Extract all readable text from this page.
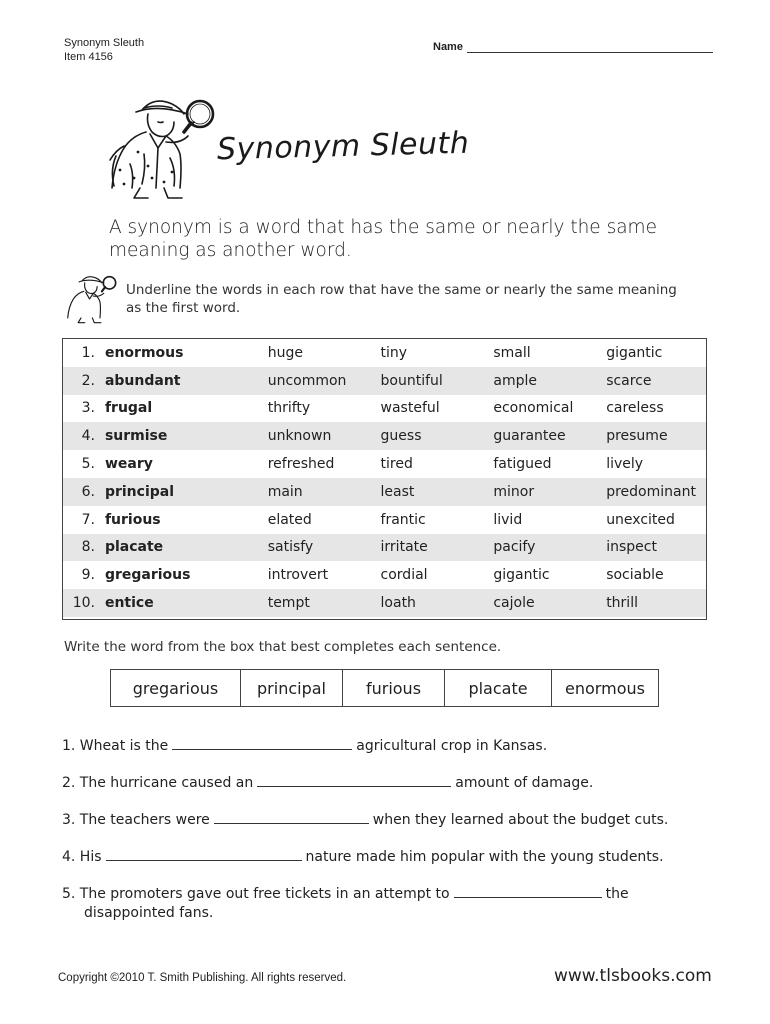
Synonym Sleuth
Item 4156
Name
Synonym Sleuth
A synonym is a word that has the same or nearly the same meaning as another word.
Underline the words in each row that have the same or nearly the same meaning as the first word.
1. enormous	huge	tiny	small	gigantic
2. abundant	uncommon	bountiful	ample	scarce
3. frugal	thrifty	wasteful	economical	careless
4. surmise	unknown	guess	guarantee	presume
5. weary	refreshed	tired	fatigued	lively
6. principal	main	least	minor	predominant
7. furious	elated	frantic	livid	unexcited
8. placate	satisfy	irritate	pacify	inspect
9. gregarious	introvert	cordial	gigantic	sociable
10. entice	tempt	loath	cajole	thrill
Write the word from the box that best completes each sentence.
gregarious	principal	furious	placate	enormous
1. Wheat is the	agricultural crop in Kansas.
2. The hurricane caused an	amount of damage.
3. The teachers were	when they learned about the budget cuts.
4. His	nature made him popular with the young students.
5. The promoters gave out free tickets in an attempt to	the
disappointed fans.
Copyright ©2010 T. Smith Publishing. All rights reserved.	www.tlsbooks.com
